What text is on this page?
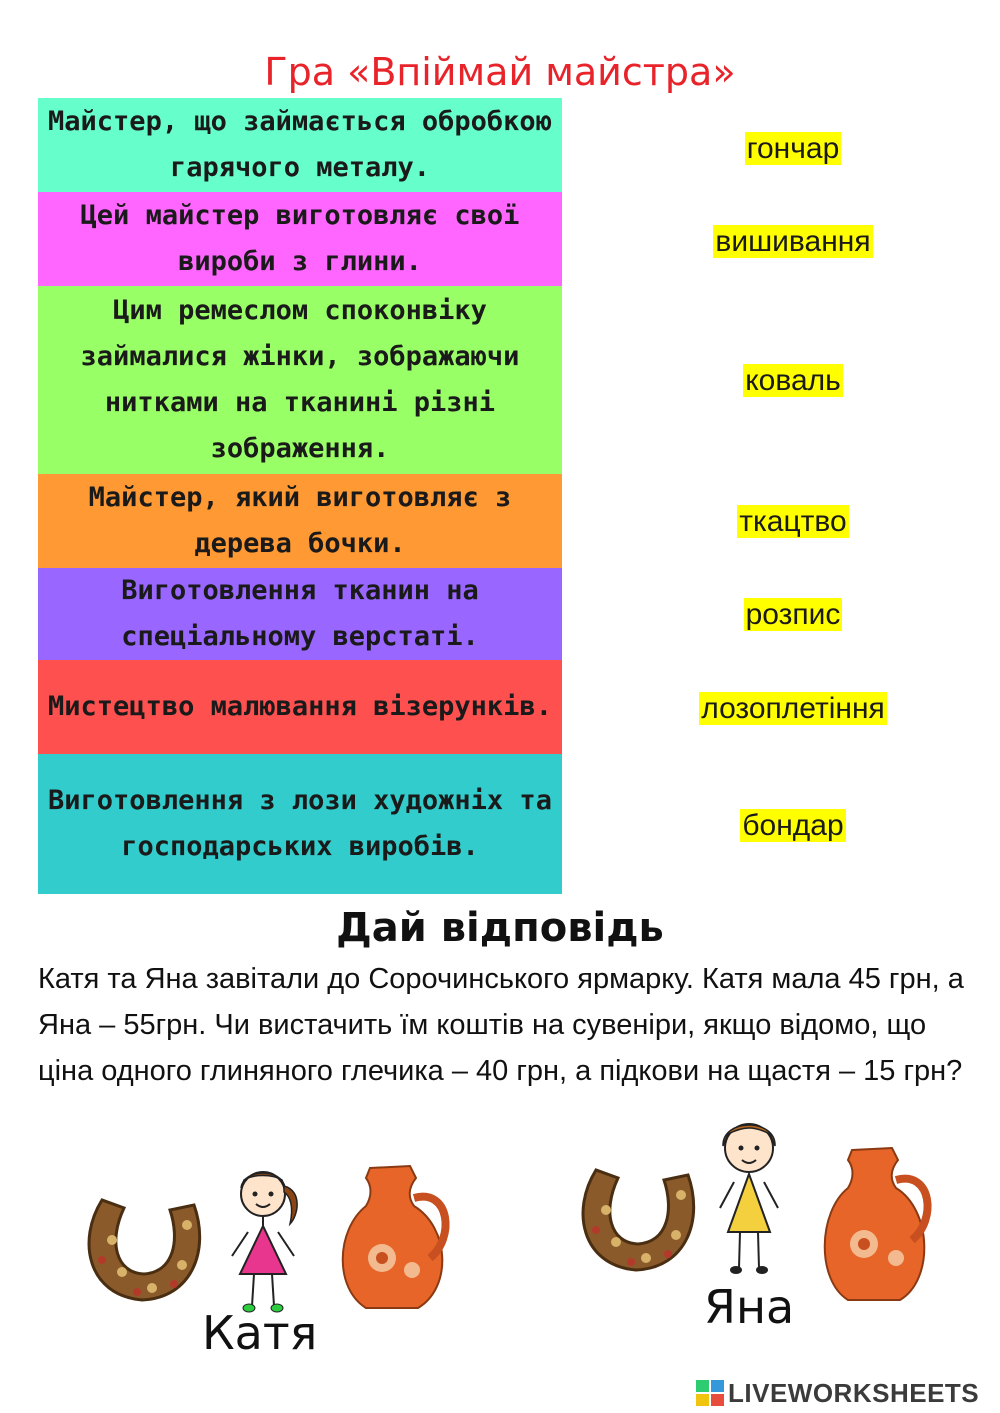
Гра «Впіймай майстра»
Майстер, що займається обробкою гарячого металу.
Цей майстер виготовляє свої вироби з глини.
Цим ремеслом споконвіку займалися жінки, зображаючи нитками на тканині різні зображення.
Майстер, який виготовляє з дерева бочки.
Виготовлення тканин на спеціальному верстаті.
Мистецтво малювання візерунків.
Виготовлення з лози художніх та господарських виробів.
гончар
вишивання
коваль
ткацтво
розпис
лозоплетіння
бондар
Дай відповідь
Катя та Яна завітали до Сорочинського ярмарку. Катя мала 45 грн, а Яна – 55грн. Чи вистачить їм коштів на сувеніри, якщо відомо, що ціна одного глиняного глечика – 40 грн, а підкови на щастя – 15 грн?
Катя	Яна
LIVEWORKSHEETS
